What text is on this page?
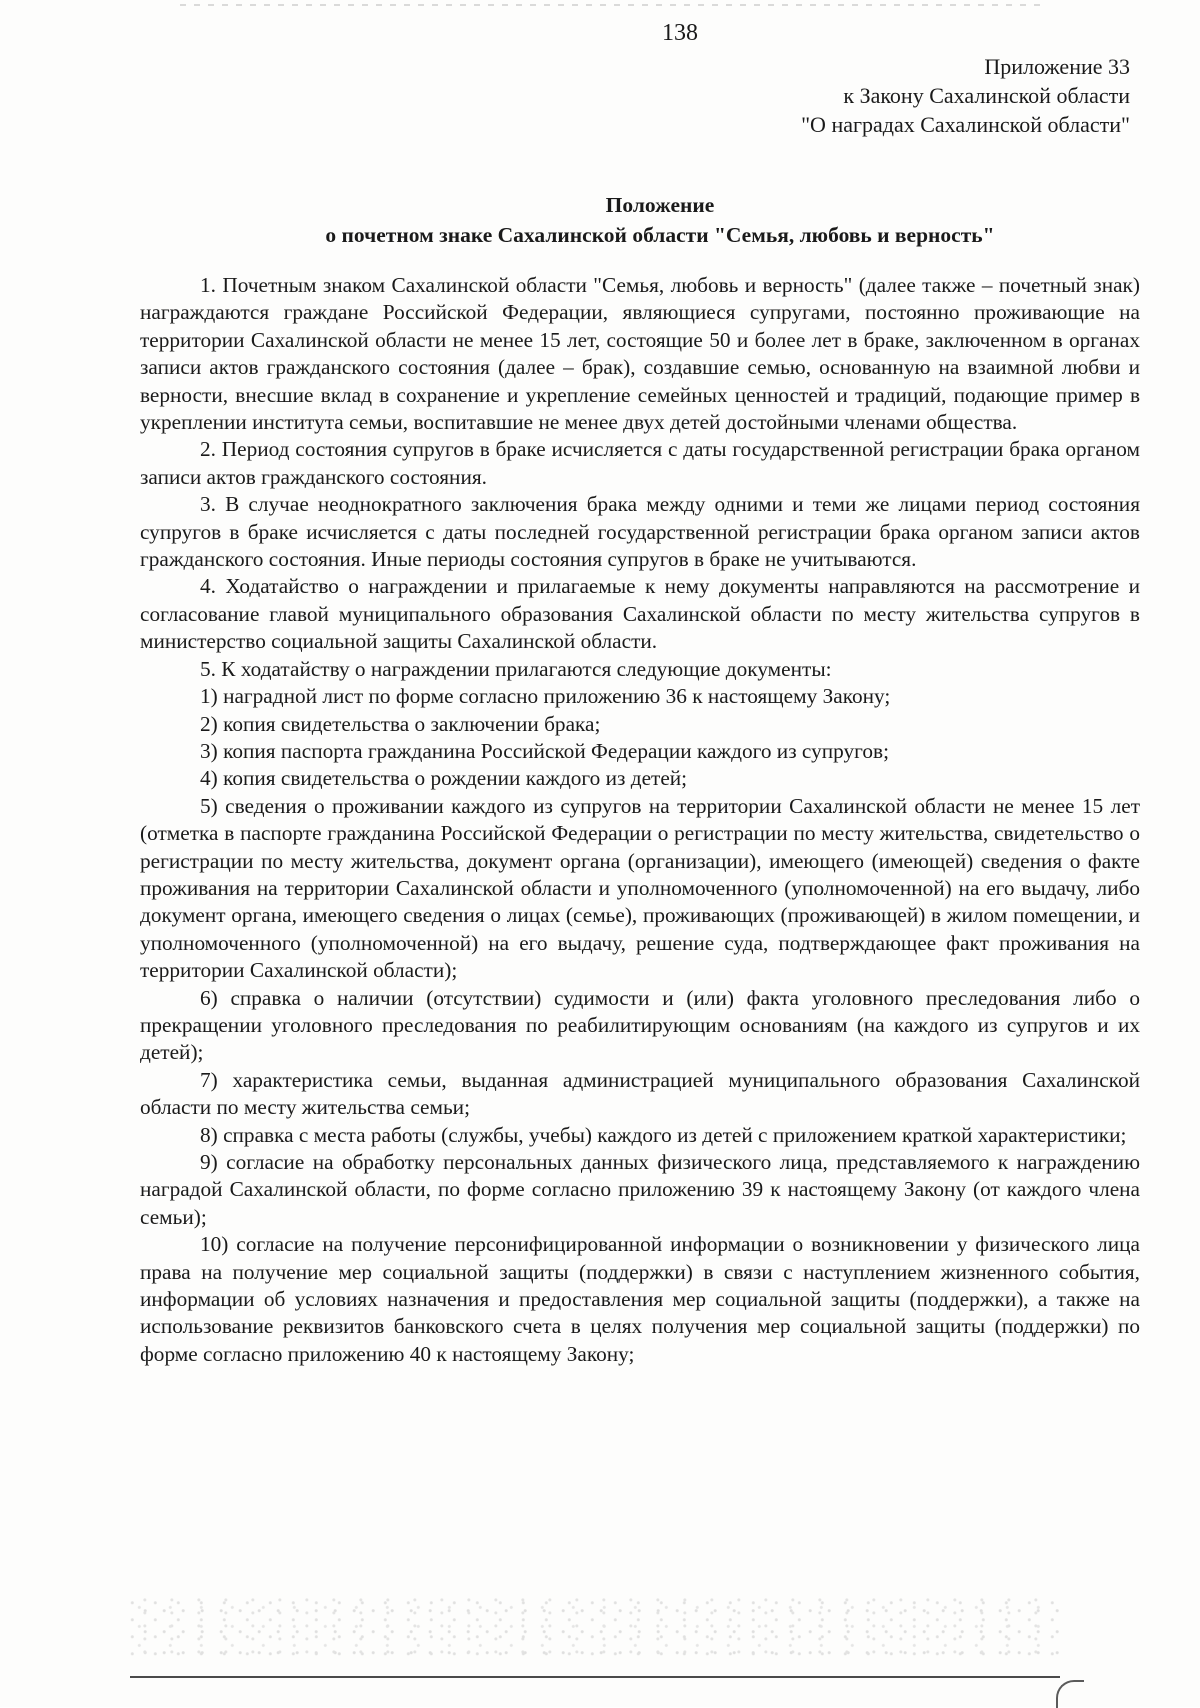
138
Приложение 33
к Закону Сахалинской области
"О наградах Сахалинской области"
Положение
о почетном знаке Сахалинской области "Семья, любовь и верность"

1. Почетным знаком Сахалинской области "Семья, любовь и верность" (далее также – почетный знак) награждаются граждане Российской Федерации, являющиеся супругами, постоянно проживающие на территории Сахалинской области не менее 15 лет, состоящие 50 и более лет в браке, заключенном в органах записи актов гражданского состояния (далее – брак), создавшие семью, основанную на взаимной любви и верности, внесшие вклад в сохранение и укрепление семейных ценностей и традиций, подающие пример в укреплении института семьи, воспитавшие не менее двух детей достойными членами общества.

2. Период состояния супругов в браке исчисляется с даты государственной регистрации брака органом записи актов гражданского состояния.

3. В случае неоднократного заключения брака между одними и теми же лицами период состояния супругов в браке исчисляется с даты последней государственной регистрации брака органом записи актов гражданского состояния. Иные периоды состояния супругов в браке не учитываются.

4. Ходатайство о награждении и прилагаемые к нему документы направляются на рассмотрение и согласование главой муниципального образования Сахалинской области по месту жительства супругов в министерство социальной защиты Сахалинской области.

5. К ходатайству о награждении прилагаются следующие документы:

1) наградной лист по форме согласно приложению 36 к настоящему Закону;

2) копия свидетельства о заключении брака;

3) копия паспорта гражданина Российской Федерации каждого из супругов;

4) копия свидетельства о рождении каждого из детей;

5) сведения о проживании каждого из супругов на территории Сахалинской области не менее 15 лет (отметка в паспорте гражданина Российской Федерации о регистрации по месту жительства, свидетельство о регистрации по месту жительства, документ органа (организации), имеющего (имеющей) сведения о факте проживания на территории Сахалинской области и уполномоченного (уполномоченной) на его выдачу, либо документ органа, имеющего сведения о лицах (семье), проживающих (проживающей) в жилом помещении, и уполномоченного (уполномоченной) на его выдачу, решение суда, подтверждающее факт проживания на территории Сахалинской области);

6) справка о наличии (отсутствии) судимости и (или) факта уголовного преследования либо о прекращении уголовного преследования по реабилитирующим основаниям (на каждого из супругов и их детей);

7) характеристика семьи, выданная администрацией муниципального образования Сахалинской области по месту жительства семьи;

8) справка с места работы (службы, учебы) каждого из детей с приложением краткой характеристики;

9) согласие на обработку персональных данных физического лица, представляемого к награждению наградой Сахалинской области, по форме согласно приложению 39 к настоящему Закону (от каждого члена семьи);

10) согласие на получение персонифицированной информации о возникновении у физического лица права на получение мер социальной защиты (поддержки) в связи с наступлением жизненного события, информации об условиях назначения и предоставления мер социальной защиты (поддержки), а также на использование реквизитов банковского счета в целях получения мер социальной защиты (поддержки) по форме согласно приложению 40 к настоящему Закону;
